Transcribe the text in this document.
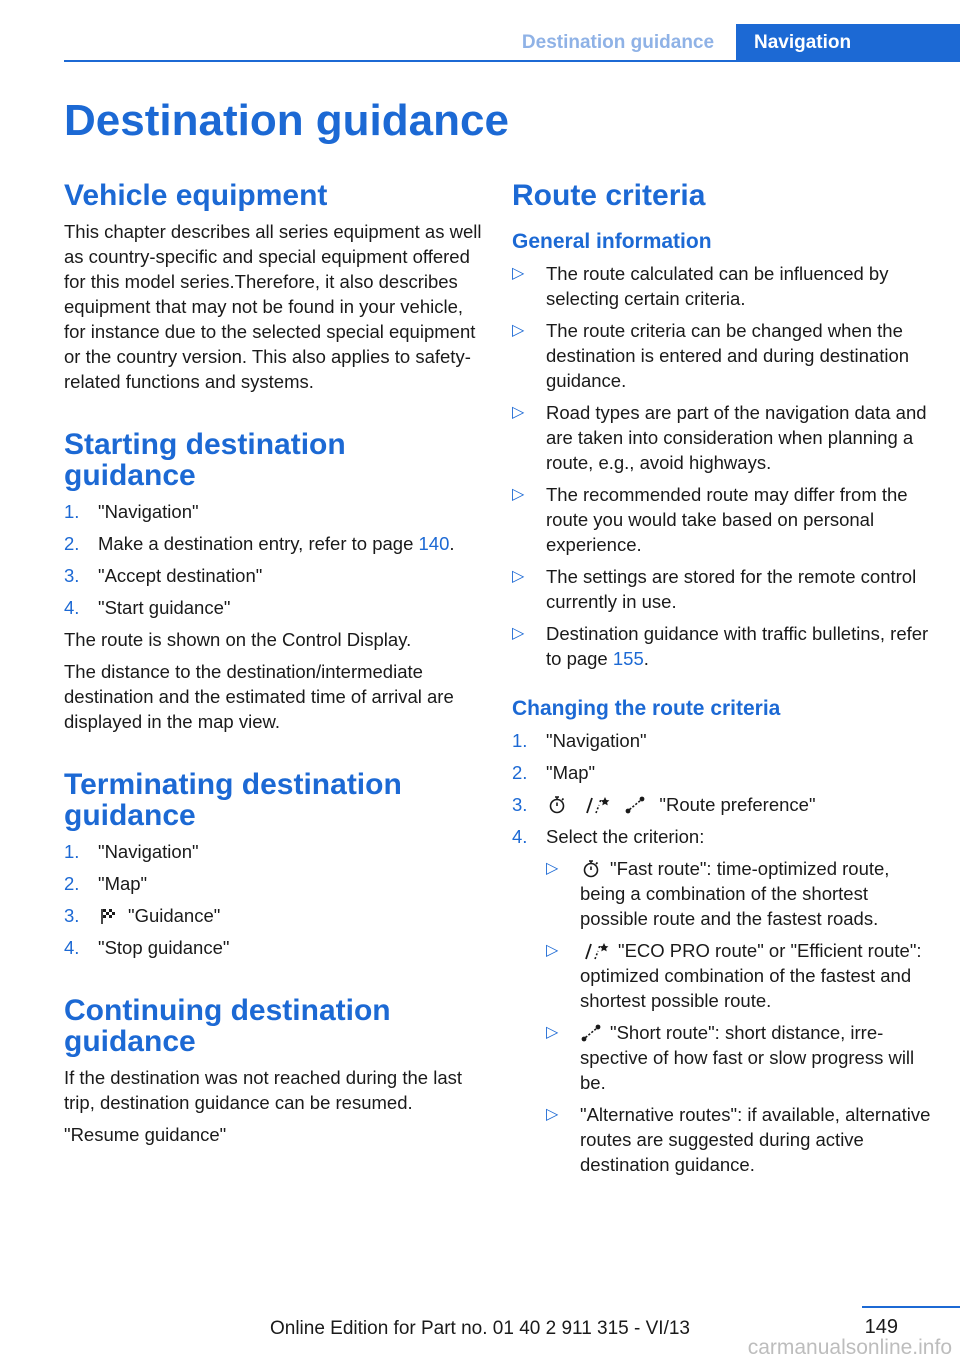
Destination guidance	Navigation
Destination guidance
Vehicle equipment

This chapter describes all series equipment as well as country-specific and special equipment offered for this model series.Therefore, it also describes equipment that may not be found in your vehicle, for instance due to the selected special equipment or the country version. This also applies to safety-related functions and systems.

Starting destination guidance
1. "Navigation"
2. Make a destination entry, refer to page 140.
3. "Accept destination"
4. "Start guidance"

The route is shown on the Control Display.

The distance to the destination/intermediate destination and the estimated time of arrival are displayed in the map view.

Terminating destination guidance
1. "Navigation"
2. "Map"
3.	"Guidance"
4. "Stop guidance"
Continuing destination guidance

If the destination was not reached during the last trip, destination guidance can be resumed.

"Resume guidance"

Route criteria
General information
▷ The route calculated can be influenced by selecting certain criteria.
▷ The route criteria can be changed when the destination is entered and during destination guidance.
▷ Road types are part of the navigation data and are taken into consideration when planning a route, e.g., avoid highways.
▷ The recommended route may differ from the route you would take based on personal experience.
▷ The settings are stored for the remote control currently in use.
▷ Destination guidance with traffic bulletins, refer to page 155.
Changing the route criteria
1. "Navigation"
2. "Map"
3.

	"Route preference"
4. Select the criterion:
▷	"Fast route": time-optimized route, being a combination of the shortest possible route and the fastest roads.
▷	"ECO PRO route" or "Efficient route": optimized combination of the fastest and shortest possible route.
▷	"Short route": short distance, irrespective of how fast or slow progress will be.
▷ "Alternative routes": if available, alternative routes are suggested during active destination guidance.
149
Online Edition for Part no. 01 40 2 911 315 - VI/13
carmanualsonline.info
